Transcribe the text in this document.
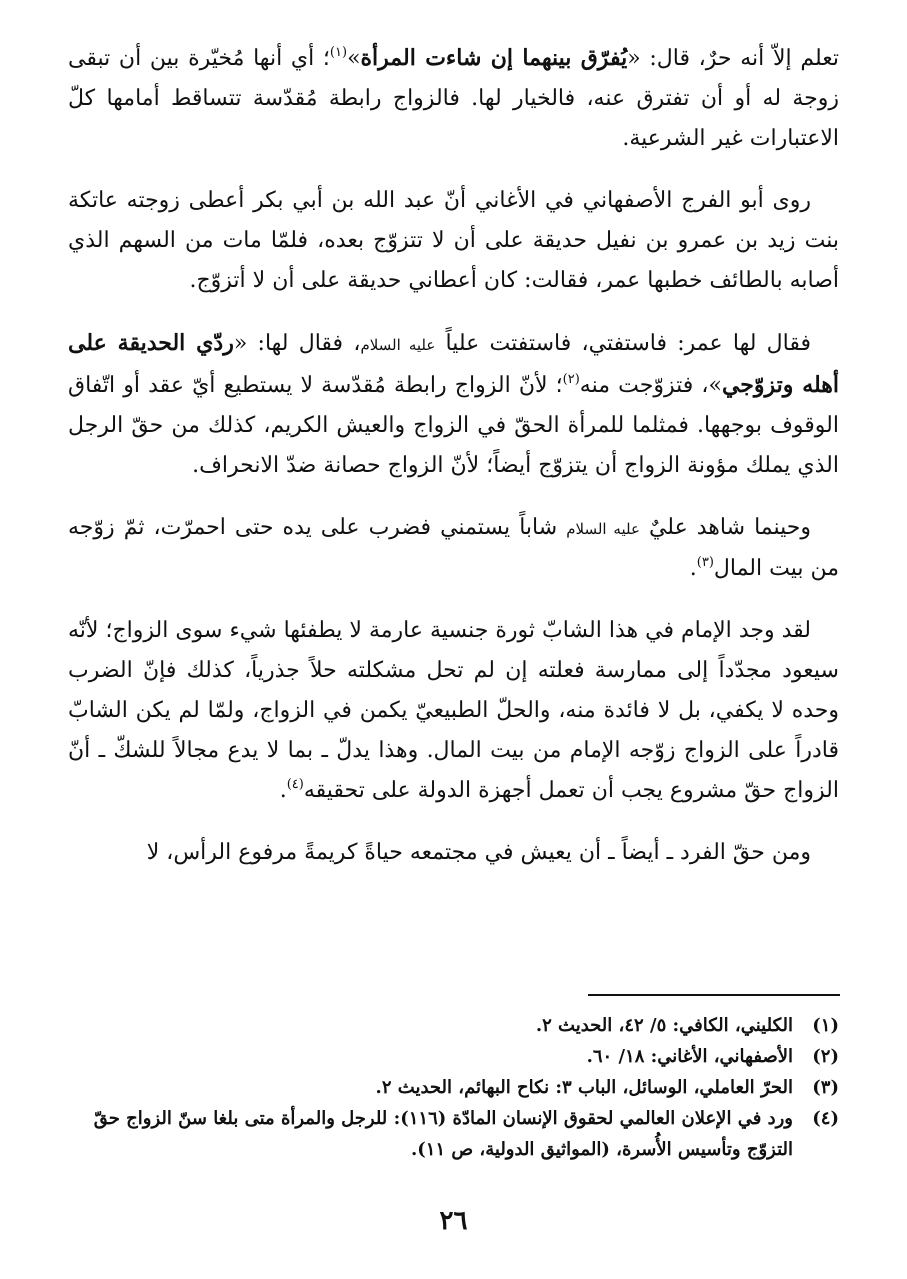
تعلم إلاّ أنه حرٌ، قال: «يُفرّق بينهما إن شاءت المرأة»$^{(١)}$؛ أي أنها مُخيّرة بين أن تبقى زوجة له أو أن تفترق عنه، فالخيار لها. فالزواج رابطة مُقدّسة تتساقط أمامها كلّ الاعتبارات غير الشرعية.

روى أبو الفرج الأصفهاني في الأغاني أنّ عبد الله بن أبي بكر أعطى زوجته عاتكة بنت زيد بن عمرو بن نفيل حديقة على أن لا تتزوّج بعده، فلمّا مات من السهم الذي أصابه بالطائف خطبها عمر، فقالت: كان أعطاني حديقة على أن لا أتزوّج.

فقال لها عمر: فاستفتي، فاستفتت علياً عليه السلام، فقال لها: «ردّي الحديقة على أهله وتزوّجي»، فتزوّجت منه$^{(٢)}$؛ لأنّ الزواج رابطة مُقدّسة لا يستطيع أيّ عقد أو اتّفاق الوقوف بوجهها. فمثلما للمرأة الحقّ في الزواج والعيش الكريم، كذلك من حقّ الرجل الذي يملك مؤونة الزواج أن يتزوّج أيضاً؛ لأنّ الزواج حصانة ضدّ الانحراف.

وحينما شاهد عليٌ عليه السلام شاباً يستمني فضرب على يده حتى احمرّت، ثمّ زوّجه من بيت المال$^{(٣)}$.

لقد وجد الإمام في هذا الشابّ ثورة جنسية عارمة لا يطفئها شيء سوى الزواج؛ لأنّه سيعود مجدّداً إلى ممارسة فعلته إن لم تحل مشكلته حلاً جذرياً، كذلك فإنّ الضرب وحده لا يكفي، بل لا فائدة منه، والحلّ الطبيعيّ يكمن في الزواج، ولمّا لم يكن الشابّ قادراً على الزواج زوّجه الإمام من بيت المال. وهذا يدلّ ـ بما لا يدع مجالاً للشكّ ـ أنّ الزواج حقّ مشروع يجب أن تعمل أجهزة الدولة على تحقيقه$^{(٤)}$.

ومن حقّ الفرد ـ أيضاً ـ أن يعيش في مجتمعه حياةً كريمةً مرفوع الرأس، لا

(١)
الكليني، الكافي: ٥/ ٤٢، الحديث ٢.
(٢)
الأصفهاني، الأغاني: ١٨/ ٦٠.
(٣)
الحرّ العاملي، الوسائل، الباب ٣: نكاح البهائم، الحديث ٢.
(٤)
ورد في الإعلان العالمي لحقوق الإنسان المادّة (١١٦): للرجل والمرأة متى بلغا سنّ الزواج حقّ التزوّج وتأسيس الأُسرة، (المواثيق الدولية، ص ١١).
٢٦
